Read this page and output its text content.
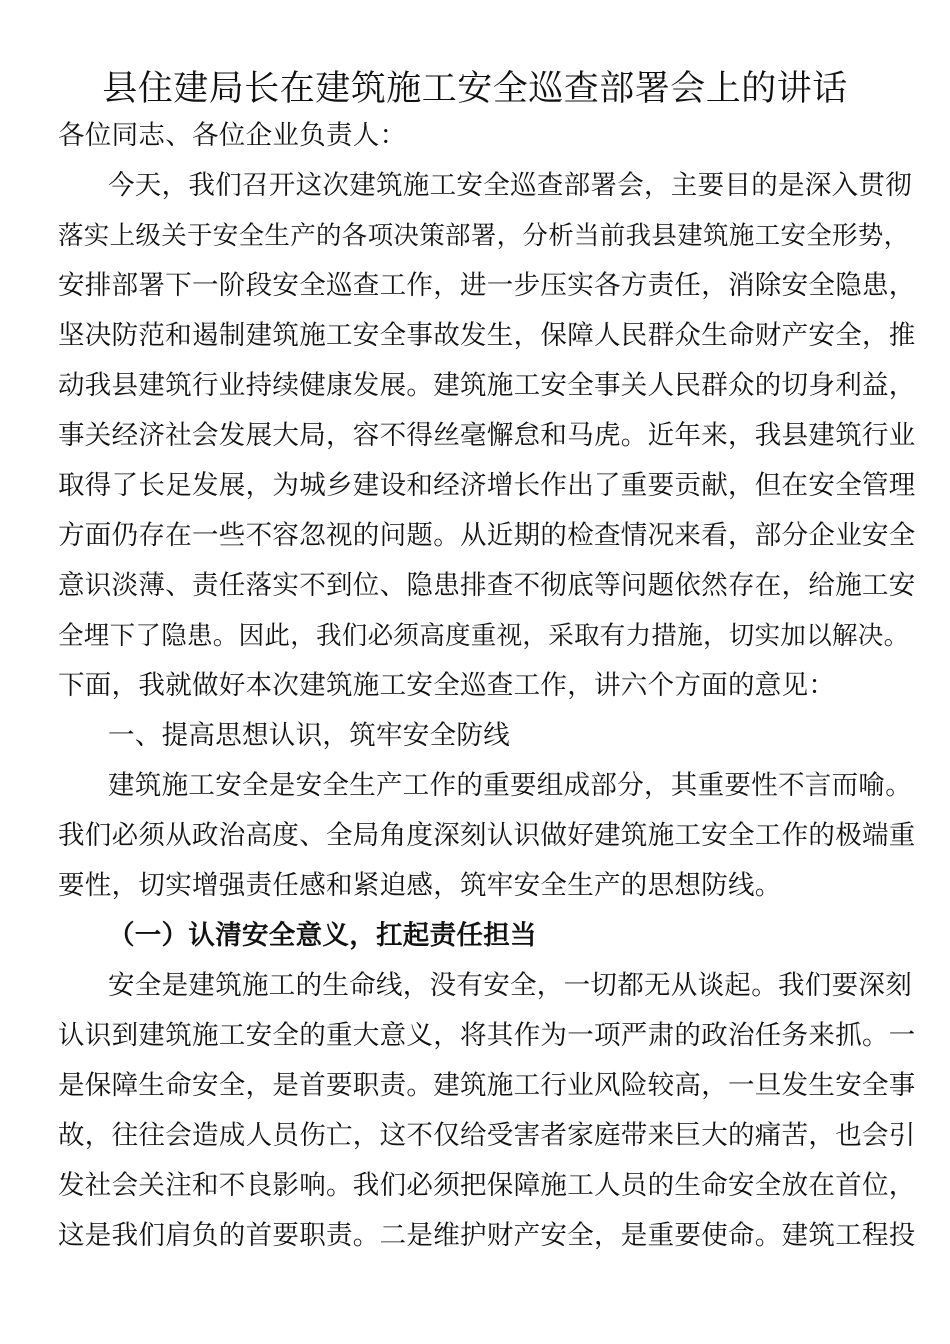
县住建局长在建筑施工安全巡查部署会上的讲话
各位同志、各位企业负责人：
今天，我们召开这次建筑施工安全巡查部署会，主要目的是深入贯彻
落实上级关于安全生产的各项决策部署，分析当前我县建筑施工安全形势，
安排部署下一阶段安全巡查工作，进一步压实各方责任，消除安全隐患，
坚决防范和遏制建筑施工安全事故发生，保障人民群众生命财产安全，推
动我县建筑行业持续健康发展。建筑施工安全事关人民群众的切身利益，
事关经济社会发展大局，容不得丝毫懈怠和马虎。近年来，我县建筑行业
取得了长足发展，为城乡建设和经济增长作出了重要贡献，但在安全管理
方面仍存在一些不容忽视的问题。从近期的检查情况来看，部分企业安全
意识淡薄、责任落实不到位、隐患排查不彻底等问题依然存在，给施工安
全埋下了隐患。因此，我们必须高度重视，采取有力措施，切实加以解决。
下面，我就做好本次建筑施工安全巡查工作，讲六个方面的意见：
一、提高思想认识，筑牢安全防线
建筑施工安全是安全生产工作的重要组成部分，其重要性不言而喻。
我们必须从政治高度、全局角度深刻认识做好建筑施工安全工作的极端重
要性，切实增强责任感和紧迫感，筑牢安全生产的思想防线。
（一）认清安全意义，扛起责任担当
安全是建筑施工的生命线，没有安全，一切都无从谈起。我们要深刻
认识到建筑施工安全的重大意义，将其作为一项严肃的政治任务来抓。一
是保障生命安全，是首要职责。建筑施工行业风险较高，一旦发生安全事
故，往往会造成人员伤亡，这不仅给受害者家庭带来巨大的痛苦，也会引
发社会关注和不良影响。我们必须把保障施工人员的生命安全放在首位，
这是我们肩负的首要职责。二是维护财产安全，是重要使命。建筑工程投
